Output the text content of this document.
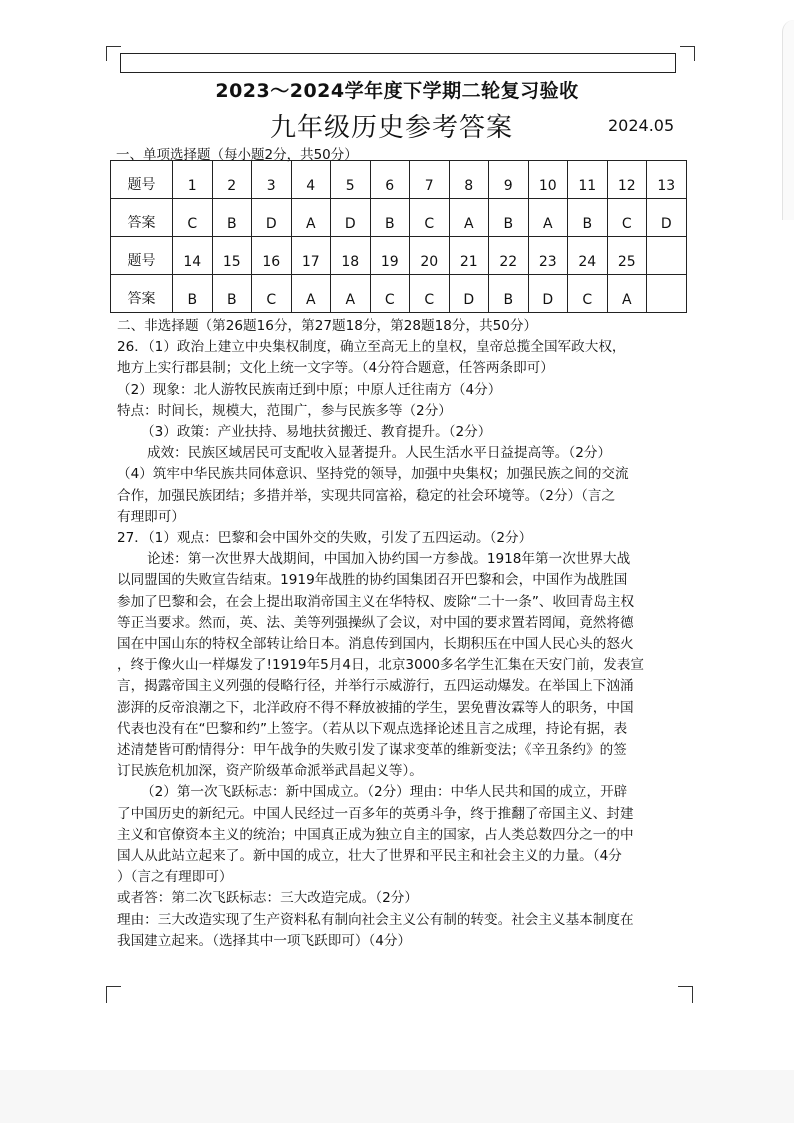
2023～2024学年度下学期二轮复习验收
九年级历史参考答案	2024.05
一、单项选择题（每小题2分，共50分）
题号	1	2	3	4	5	6	7	8	9	10	11	12	13
答案	C	B	D	A	D	B	C	A	B	A	B	C	D
题号	14	15	16	17	18	19	20	21	22	23	24	25	
答案	B	B	C	A	A	C	C	D	B	D	C	A	

二、非选择题（第26题16分，第27题18分，第28题18分，共50分）

26．（1）政治上建立中央集权制度，确立至高无上的皇权，皇帝总揽全国军政大权，

地方上实行郡县制；文化上统一文字等。（4分符合题意，任答两条即可）

（2）现象：北人游牧民族南迁到中原；中原人迁往南方（4分）

特点：时间长，规模大，范围广，参与民族多等（2分）

（3）政策：产业扶持、易地扶贫搬迁、教育提升。（2分）

成效：民族区域居民可支配收入显著提升。人民生活水平日益提高等。（2分）

（4）筑牢中华民族共同体意识、坚持党的领导，加强中央集权；加强民族之间的交流

合作，加强民族团结；多措并举，实现共同富裕，稳定的社会环境等。（2分）（言之

有理即可）

27．（1）观点：巴黎和会中国外交的失败，引发了五四运动。（2分）

论述：第一次世界大战期间，中国加入协约国一方参战。1918年第一次世界大战

以同盟国的失败宣告结束。1919年战胜的协约国集团召开巴黎和会，中国作为战胜国

参加了巴黎和会，在会上提出取消帝国主义在华特权、废除“二十一条”、收回青岛主权

等正当要求。然而，英、法、美等列强操纵了会议，对中国的要求置若罔闻，竟然将德

国在中国山东的特权全部转让给日本。消息传到国内，长期积压在中国人民心头的怒火

，终于像火山一样爆发了!1919年5月4日，北京3000多名学生汇集在天安门前，发表宣

言，揭露帝国主义列强的侵略行径，并举行示威游行，五四运动爆发。在举国上下汹涌

澎湃的反帝浪潮之下，北洋政府不得不释放被捕的学生，罢免曹汝霖等人的职务，中国

代表也没有在“巴黎和约”上签字。（若从以下观点选择论述且言之成理，持论有据，表

述清楚皆可酌情得分：甲午战争的失败引发了谋求变革的维新变法；《辛丑条约》的签

订民族危机加深，资产阶级革命派举武昌起义等）。

（2）第一次飞跃标志：新中国成立。（2分）理由：中华人民共和国的成立，开辟

了中国历史的新纪元。中国人民经过一百多年的英勇斗争，终于推翻了帝国主义、封建

主义和官僚资本主义的统治；中国真正成为独立自主的国家，占人类总数四分之一的中

国人从此站立起来了。新中国的成立，壮大了世界和平民主和社会主义的力量。（4分

）（言之有理即可）

或者答：第二次飞跃标志：三大改造完成。（2分）

理由：三大改造实现了生产资料私有制向社会主义公有制的转变。社会主义基本制度在

我国建立起来。（选择其中一项飞跃即可）（4分）
